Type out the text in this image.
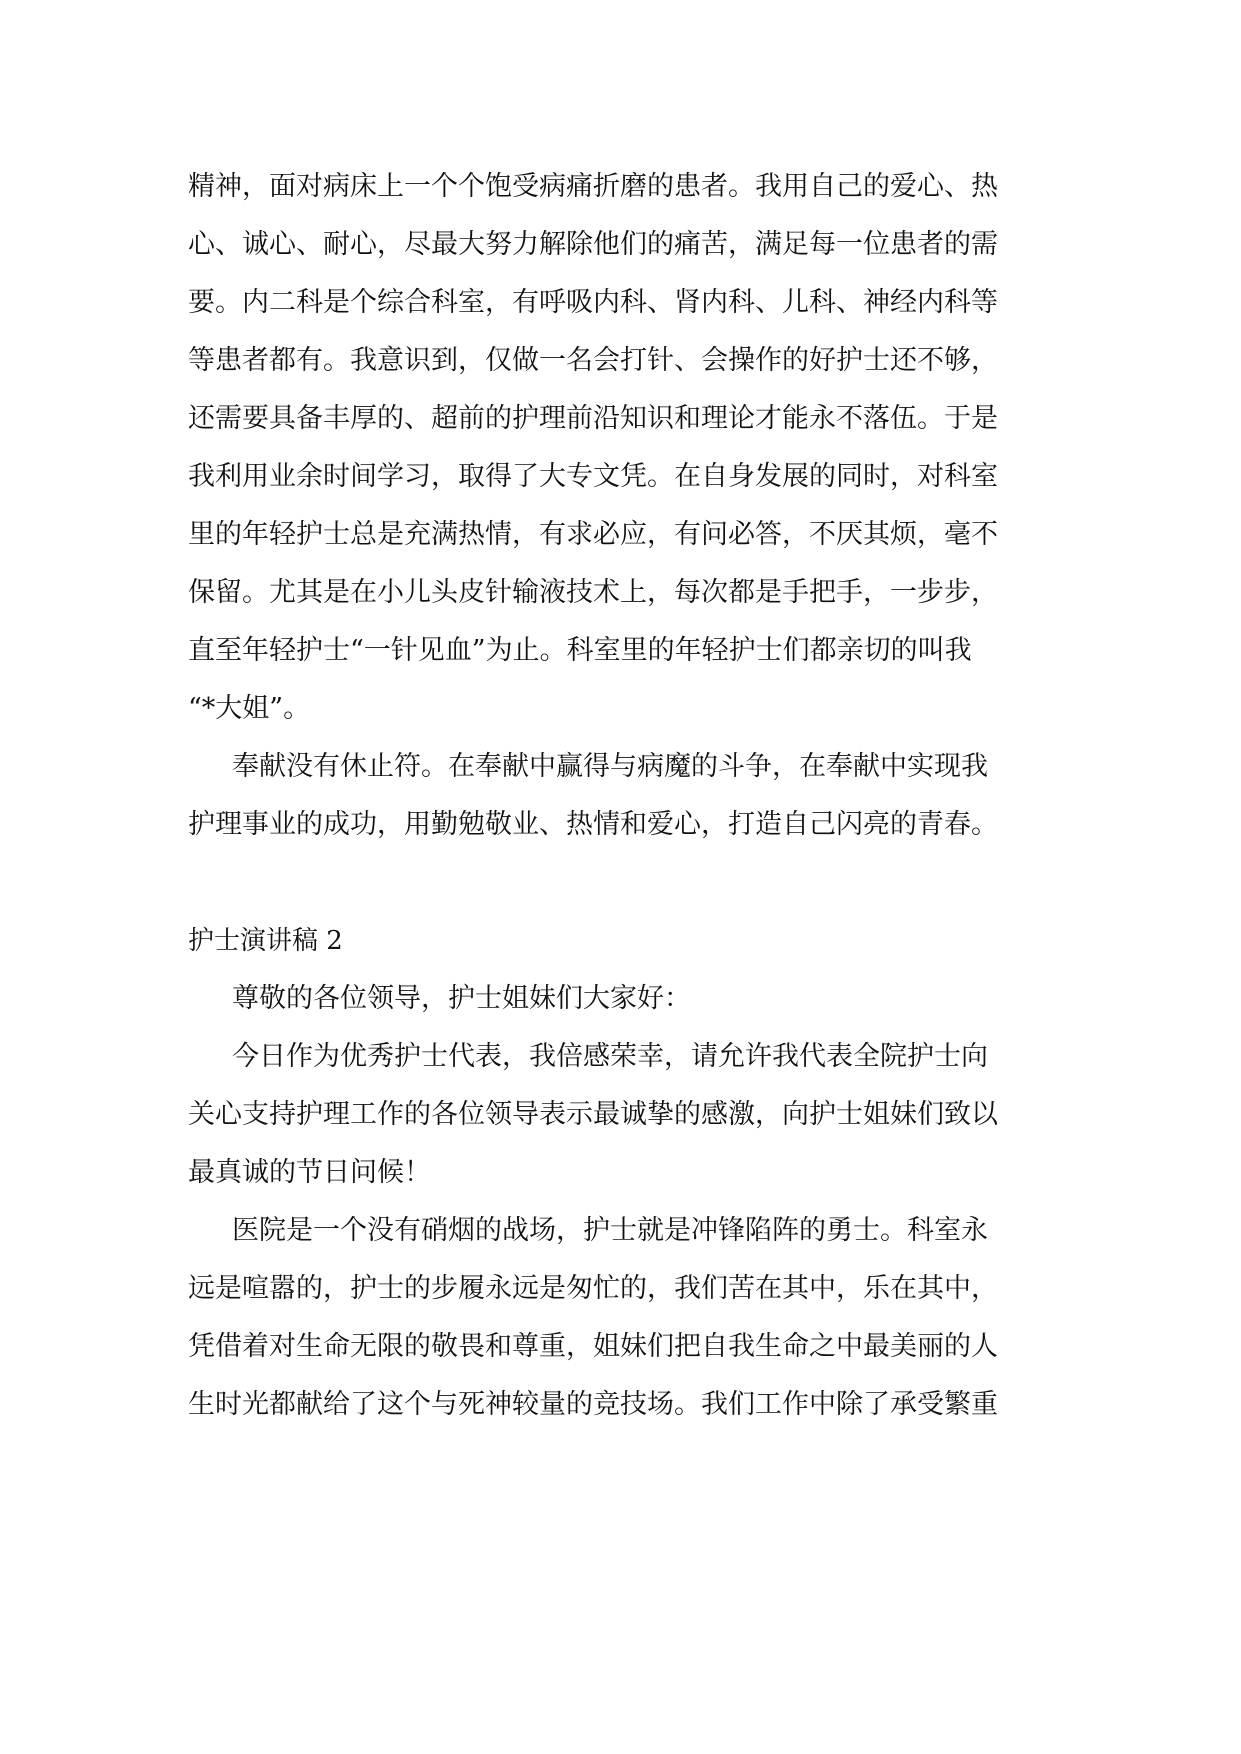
精神，面对病床上一个个饱受病痛折磨的患者。我用自己的爱心、热
心、诚心、耐心，尽最大努力解除他们的痛苦，满足每一位患者的需
要。内二科是个综合科室，有呼吸内科、肾内科、儿科、神经内科等
等患者都有。我意识到，仅做一名会打针、会操作的好护士还不够，
还需要具备丰厚的、超前的护理前沿知识和理论才能永不落伍。于是
我利用业余时间学习，取得了大专文凭。在自身发展的同时，对科室
里的年轻护士总是充满热情，有求必应，有问必答，不厌其烦，毫不
保留。尤其是在小儿头皮针输液技术上，每次都是手把手，一步步，
直至年轻护士“一针见血”为止。科室里的年轻护士们都亲切的叫我
“*大姐”。
奉献没有休止符。在奉献中赢得与病魔的斗争，在奉献中实现我
护理事业的成功，用勤勉敬业、热情和爱心，打造自己闪亮的青春。
护士演讲稿 2
尊敬的各位领导，护士姐妹们大家好：
今日作为优秀护士代表，我倍感荣幸，请允许我代表全院护士向
关心支持护理工作的各位领导表示最诚挚的感激，向护士姐妹们致以
最真诚的节日问候！
医院是一个没有硝烟的战场，护士就是冲锋陷阵的勇士。科室永
远是喧嚣的，护士的步履永远是匆忙的，我们苦在其中，乐在其中，
凭借着对生命无限的敬畏和尊重，姐妹们把自我生命之中最美丽的人
生时光都献给了这个与死神较量的竞技场。我们工作中除了承受繁重
